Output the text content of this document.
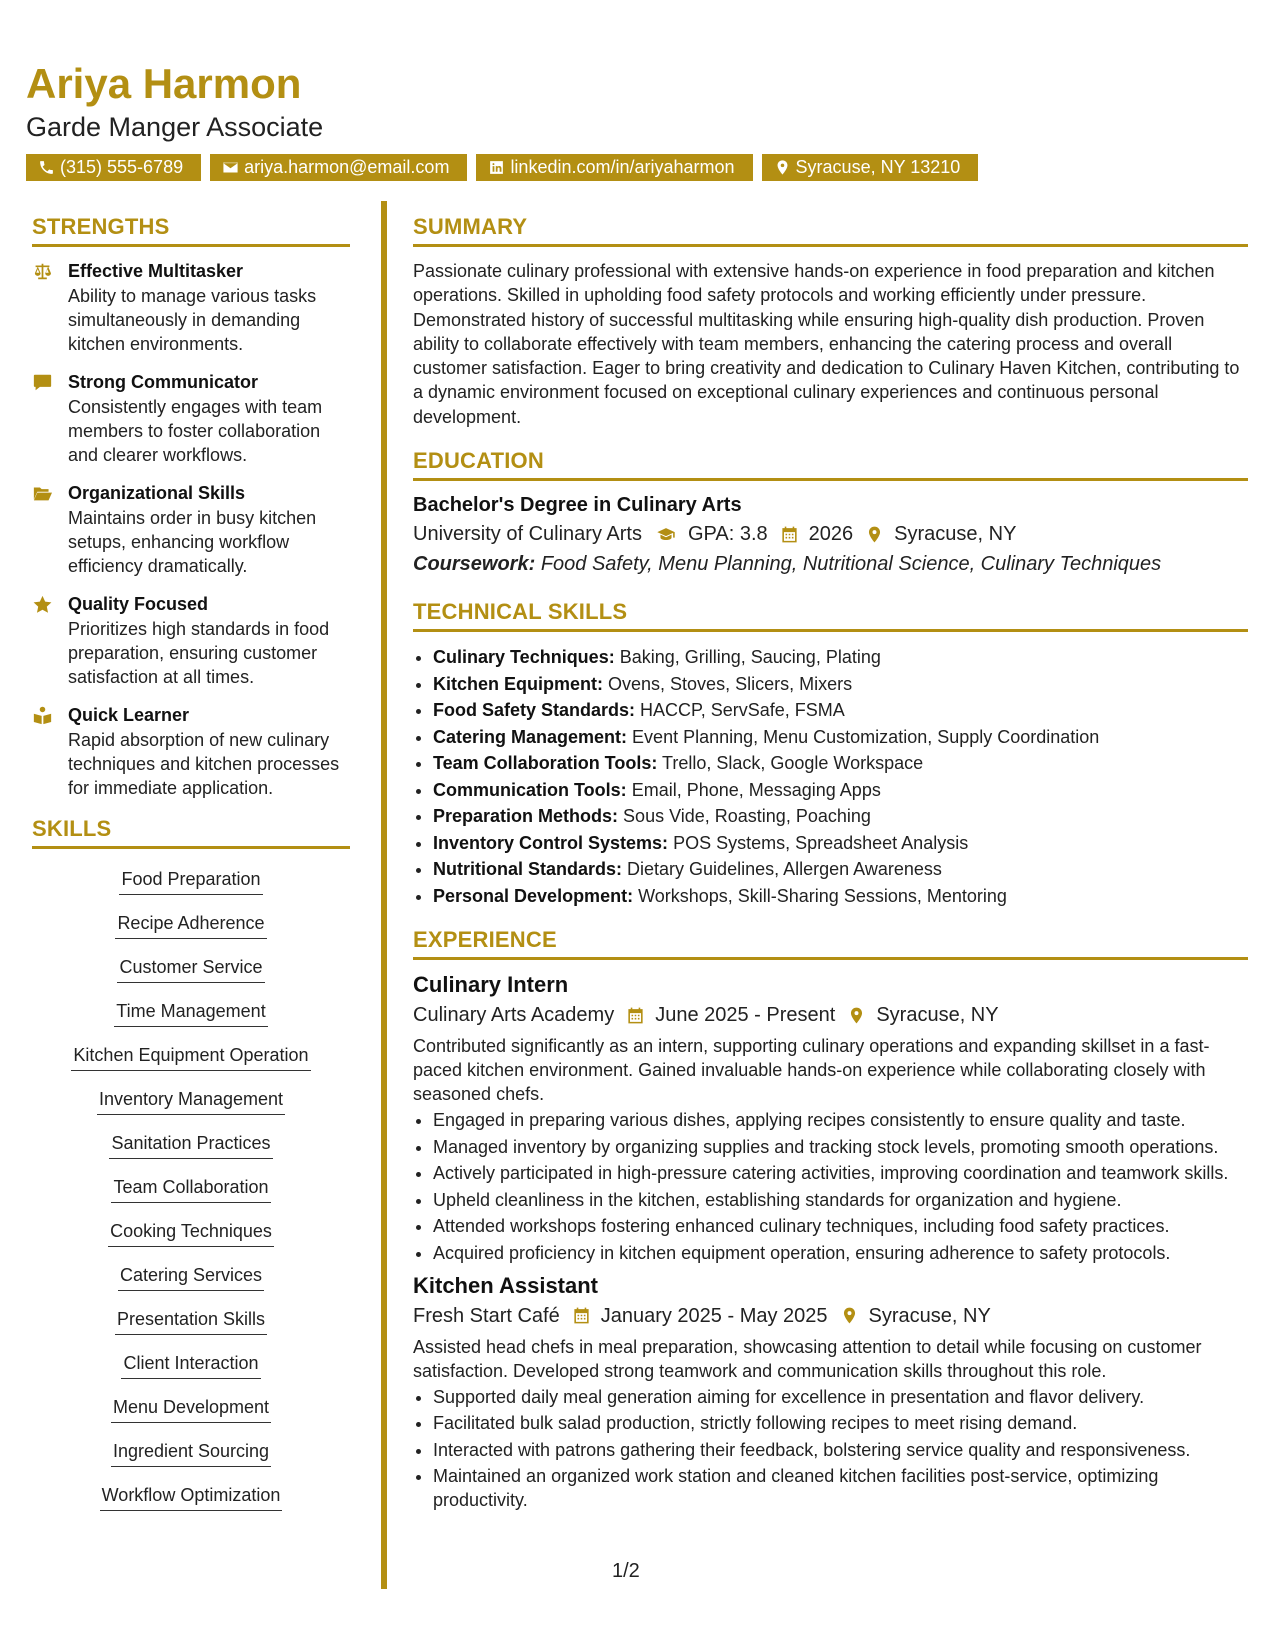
Ariya Harmon
Garde Manger Associate
(315) 555-6789	ariya.harmon@email.com	linkedin.com/in/ariyaharmon	Syracuse, NY 13210
STRENGTHS
Effective Multitasker
Ability to manage various tasks simultaneously in demanding kitchen environments.
Strong Communicator
Consistently engages with team members to foster collaboration and clearer workflows.
Organizational Skills
Maintains order in busy kitchen setups, enhancing workflow efficiency dramatically.
Quality Focused
Prioritizes high standards in food preparation, ensuring customer satisfaction at all times.
Quick Learner
Rapid absorption of new culinary techniques and kitchen processes for immediate application.
SKILLS
Food Preparation
Recipe Adherence
Customer Service
Time Management
Kitchen Equipment Operation
Inventory Management
Sanitation Practices
Team Collaboration
Cooking Techniques
Catering Services
Presentation Skills
Client Interaction
Menu Development
Ingredient Sourcing
Workflow Optimization
SUMMARY

Passionate culinary professional with extensive hands-on experience in food preparation and kitchen operations. Skilled in upholding food safety protocols and working efficiently under pressure. Demonstrated history of successful multitasking while ensuring high-quality dish production. Proven ability to collaborate effectively with team members, enhancing the catering process and overall customer satisfaction. Eager to bring creativity and dedication to Culinary Haven Kitchen, contributing to a dynamic environment focused on exceptional culinary experiences and continuous personal development.

EDUCATION
Bachelor's Degree in Culinary Arts
University of Culinary Arts GPA: 3.8 2026 Syracuse, NY
Coursework: Food Safety, Menu Planning, Nutritional Science, Culinary Techniques
TECHNICAL SKILLS
• Culinary Techniques: Baking, Grilling, Saucing, Plating
• Kitchen Equipment: Ovens, Stoves, Slicers, Mixers
• Food Safety Standards: HACCP, ServSafe, FSMA
• Catering Management: Event Planning, Menu Customization, Supply Coordination
• Team Collaboration Tools: Trello, Slack, Google Workspace
• Communication Tools: Email, Phone, Messaging Apps
• Preparation Methods: Sous Vide, Roasting, Poaching
• Inventory Control Systems: POS Systems, Spreadsheet Analysis
• Nutritional Standards: Dietary Guidelines, Allergen Awareness
• Personal Development: Workshops, Skill-Sharing Sessions, Mentoring
EXPERIENCE
Culinary Intern
Culinary Arts Academy June 2025 - Present Syracuse, NY

Contributed significantly as an intern, supporting culinary operations and expanding skillset in a fast-paced kitchen environment. Gained invaluable hands-on experience while collaborating closely with seasoned chefs.

• Engaged in preparing various dishes, applying recipes consistently to ensure quality and taste.
• Managed inventory by organizing supplies and tracking stock levels, promoting smooth operations.
• Actively participated in high-pressure catering activities, improving coordination and teamwork skills.
• Upheld cleanliness in the kitchen, establishing standards for organization and hygiene.
• Attended workshops fostering enhanced culinary techniques, including food safety practices.
• Acquired proficiency in kitchen equipment operation, ensuring adherence to safety protocols.
Kitchen Assistant
Fresh Start Café January 2025 - May 2025 Syracuse, NY

Assisted head chefs in meal preparation, showcasing attention to detail while focusing on customer satisfaction. Developed strong teamwork and communication skills throughout this role.

• Supported daily meal generation aiming for excellence in presentation and flavor delivery.
• Facilitated bulk salad production, strictly following recipes to meet rising demand.
• Interacted with patrons gathering their feedback, bolstering service quality and responsiveness.
• Maintained an organized work station and cleaned kitchen facilities post-service, optimizing productivity.
1/2
